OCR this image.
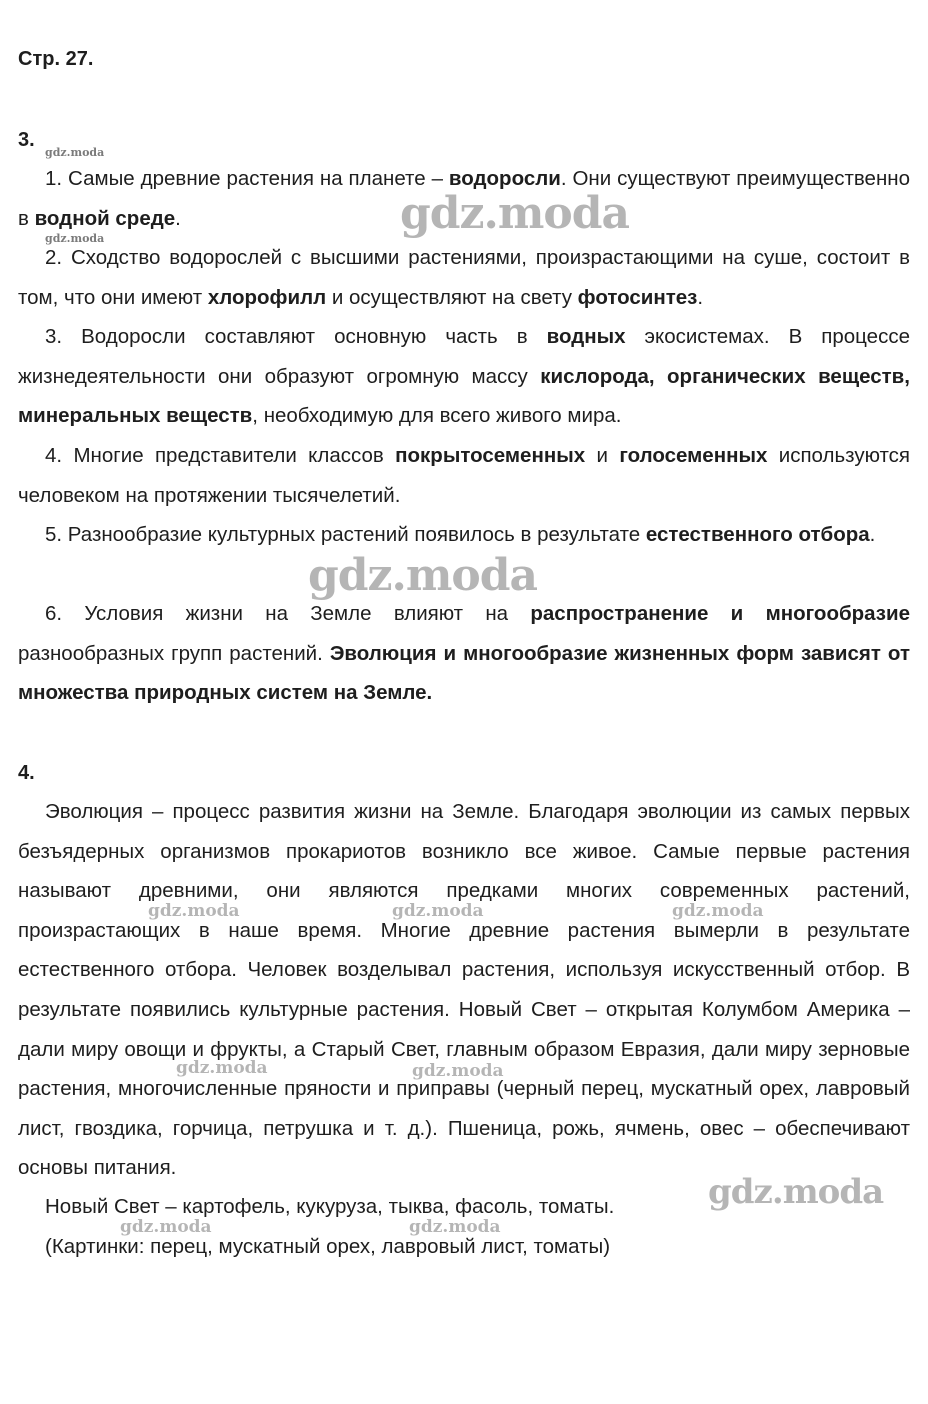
Стр. 27.
3.

1. Самые древние растения на планете – водоросли. Они существуют преимущественно в водной среде.

2. Сходство водорослей с высшими растениями, произрастающими на суше, состоит в том, что они имеют хлорофилл и осуществляют на свету фотосинтез.

3. Водоросли составляют основную часть в водных экосистемах. В процессе жизнедеятельности они образуют огромную массу кислорода, органических веществ, минеральных веществ, необходимую для всего живого мира.

4. Многие представители классов покрытосеменных и голосеменных используются человеком на протяжении тысячелетий.

5. Разнообразие культурных растений появилось в результате естественного отбора.

6. Условия жизни на Земле влияют на распространение и многообразие разнообразных групп растений. Эволюция и многообразие жизненных форм зависят от множества природных систем на Земле.

4.

Эволюция – процесс развития жизни на Земле. Благодаря эволюции из самых первых безъядерных организмов прокариотов возникло все живое. Самые первые растения называют древними, они являются предками многих современных растений, произрастающих в наше время. Многие древние растения вымерли в результате естественного отбора. Человек возделывал растения, используя искусственный отбор. В результате появились культурные растения. Новый Свет – открытая Колумбом Америка – дали миру овощи и фрукты, а Старый Свет, главным образом Евразия, дали миру зерновые растения, многочисленные пряности и приправы (черный перец, мускатный орех, лавровый лист, гвоздика, горчица, петрушка и т. д.). Пшеница, рожь, ячмень, овес – обеспечивают основы питания.

Новый Свет – картофель, кукуруза, тыква, фасоль, томаты.

(Картинки: перец, мускатный орех, лавровый лист, томаты)

gdz.moda
gdz.moda	gdz.moda
gdz.moda
gdz.moda	gdz.moda	gdz.moda
gdz.moda	gdz.moda
gdz.moda
gdz.moda	gdz.moda
